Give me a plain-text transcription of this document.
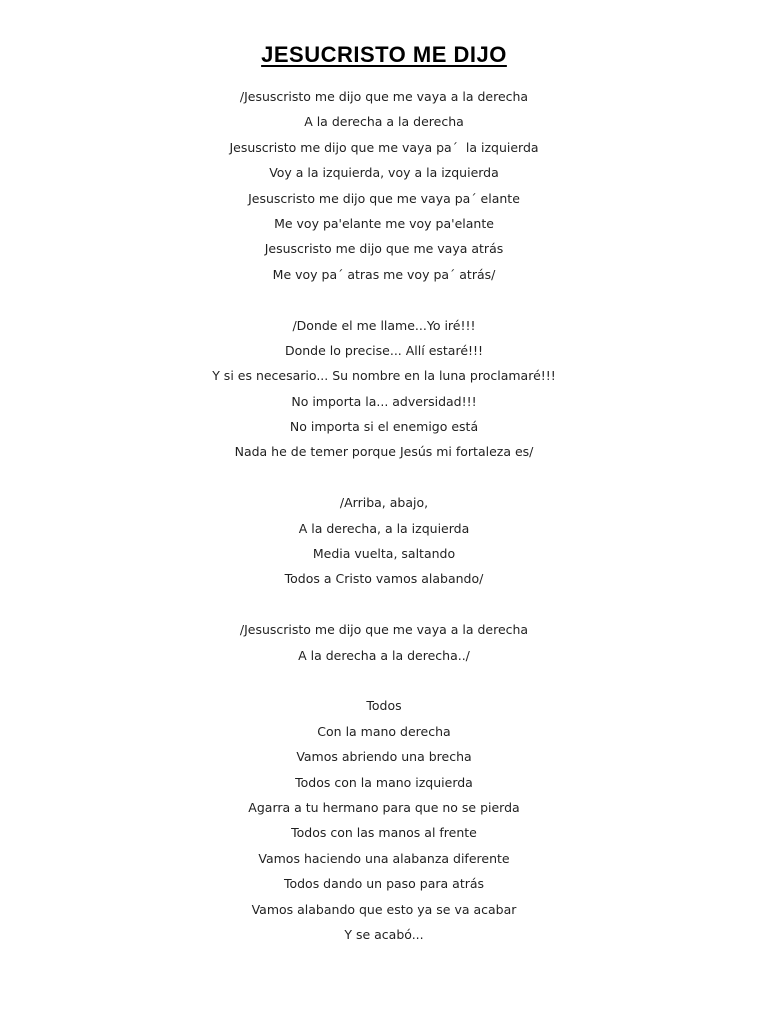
JESUCRISTO ME DIJO
/Jesuscristo me dijo que me vaya a la derecha
A la derecha a la derecha
Jesuscristo me dijo que me vaya pa´  la izquierda
Voy a la izquierda, voy a la izquierda
Jesuscristo me dijo que me vaya pa´ elante
Me voy pa'elante me voy pa'elante
Jesuscristo me dijo que me vaya atrás
Me voy pa´ atras me voy pa´ atrás/
/Donde el me llame...Yo iré!!!
Donde lo precise... Allí estaré!!!
Y si es necesario... Su nombre en la luna proclamaré!!!
No importa la... adversidad!!!
No importa si el enemigo está
Nada he de temer porque Jesús mi fortaleza es/
/Arriba, abajo,
A la derecha, a la izquierda
Media vuelta, saltando
Todos a Cristo vamos alabando/
/Jesuscristo me dijo que me vaya a la derecha
A la derecha a la derecha../
Todos
Con la mano derecha
Vamos abriendo una brecha
Todos con la mano izquierda
Agarra a tu hermano para que no se pierda
Todos con las manos al frente
Vamos haciendo una alabanza diferente
Todos dando un paso para atrás
Vamos alabando que esto ya se va acabar
Y se acabó...
